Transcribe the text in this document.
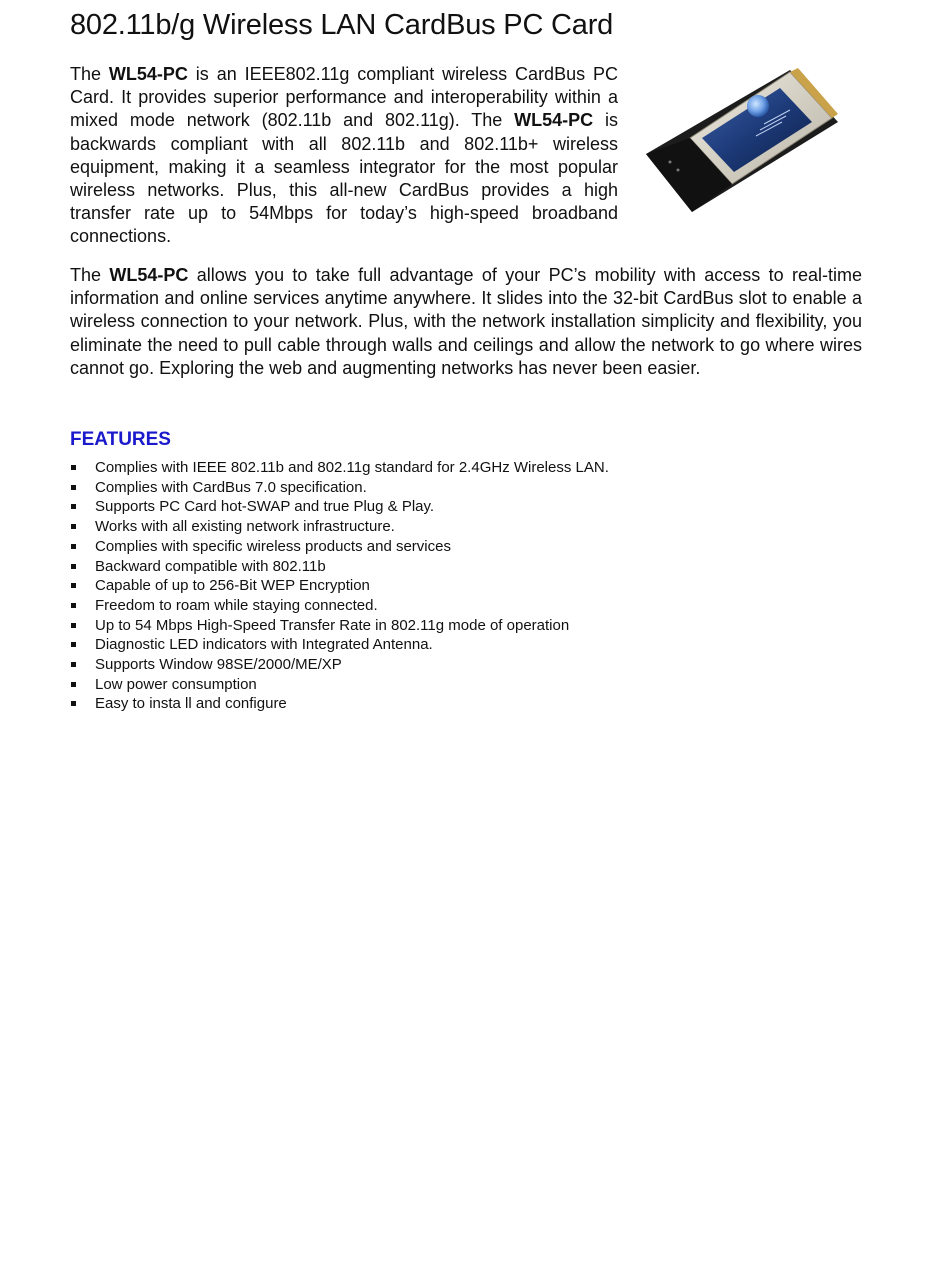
802.11b/g Wireless LAN CardBus PC Card

The WL54-PC is an IEEE802.11g compliant wireless CardBus PC Card. It provides superior performance and interoperability within a mixed mode network (802.11b and 802.11g). The WL54-PC is backwards compliant with all 802.11b and 802.11b+ wireless equipment, making it a seamless integrator for the most popular wireless networks. Plus, this all-new CardBus provides a high transfer rate up to 54Mbps for today’s high-speed broadband connections.

The WL54-PC allows you to take full advantage of your PC’s mobility with access to real-time information and online services anytime anywhere. It slides into the 32-bit CardBus slot to enable a wireless connection to your network. Plus, with the network installation simplicity and flexibility, you eliminate the need to pull cable through walls and ceilings and allow the network to go where wires cannot go. Exploring the web and augmenting networks has never been easier.

FEATURES
Complies with IEEE 802.11b and 802.11g standard for 2.4GHz Wireless LAN.
Complies with CardBus 7.0 specification.
Supports PC Card hot-SWAP and true Plug & Play.
Works with all existing network infrastructure.
Complies with specific wireless products and services
Backward compatible with 802.11b
Capable of up to 256-Bit WEP Encryption
Freedom to roam while staying connected.
Up to 54 Mbps High-Speed Transfer Rate in 802.11g mode of operation
Diagnostic LED indicators with Integrated Antenna.
Supports Window 98SE/2000/ME/XP
Low power consumption
Easy to insta ll and configure
